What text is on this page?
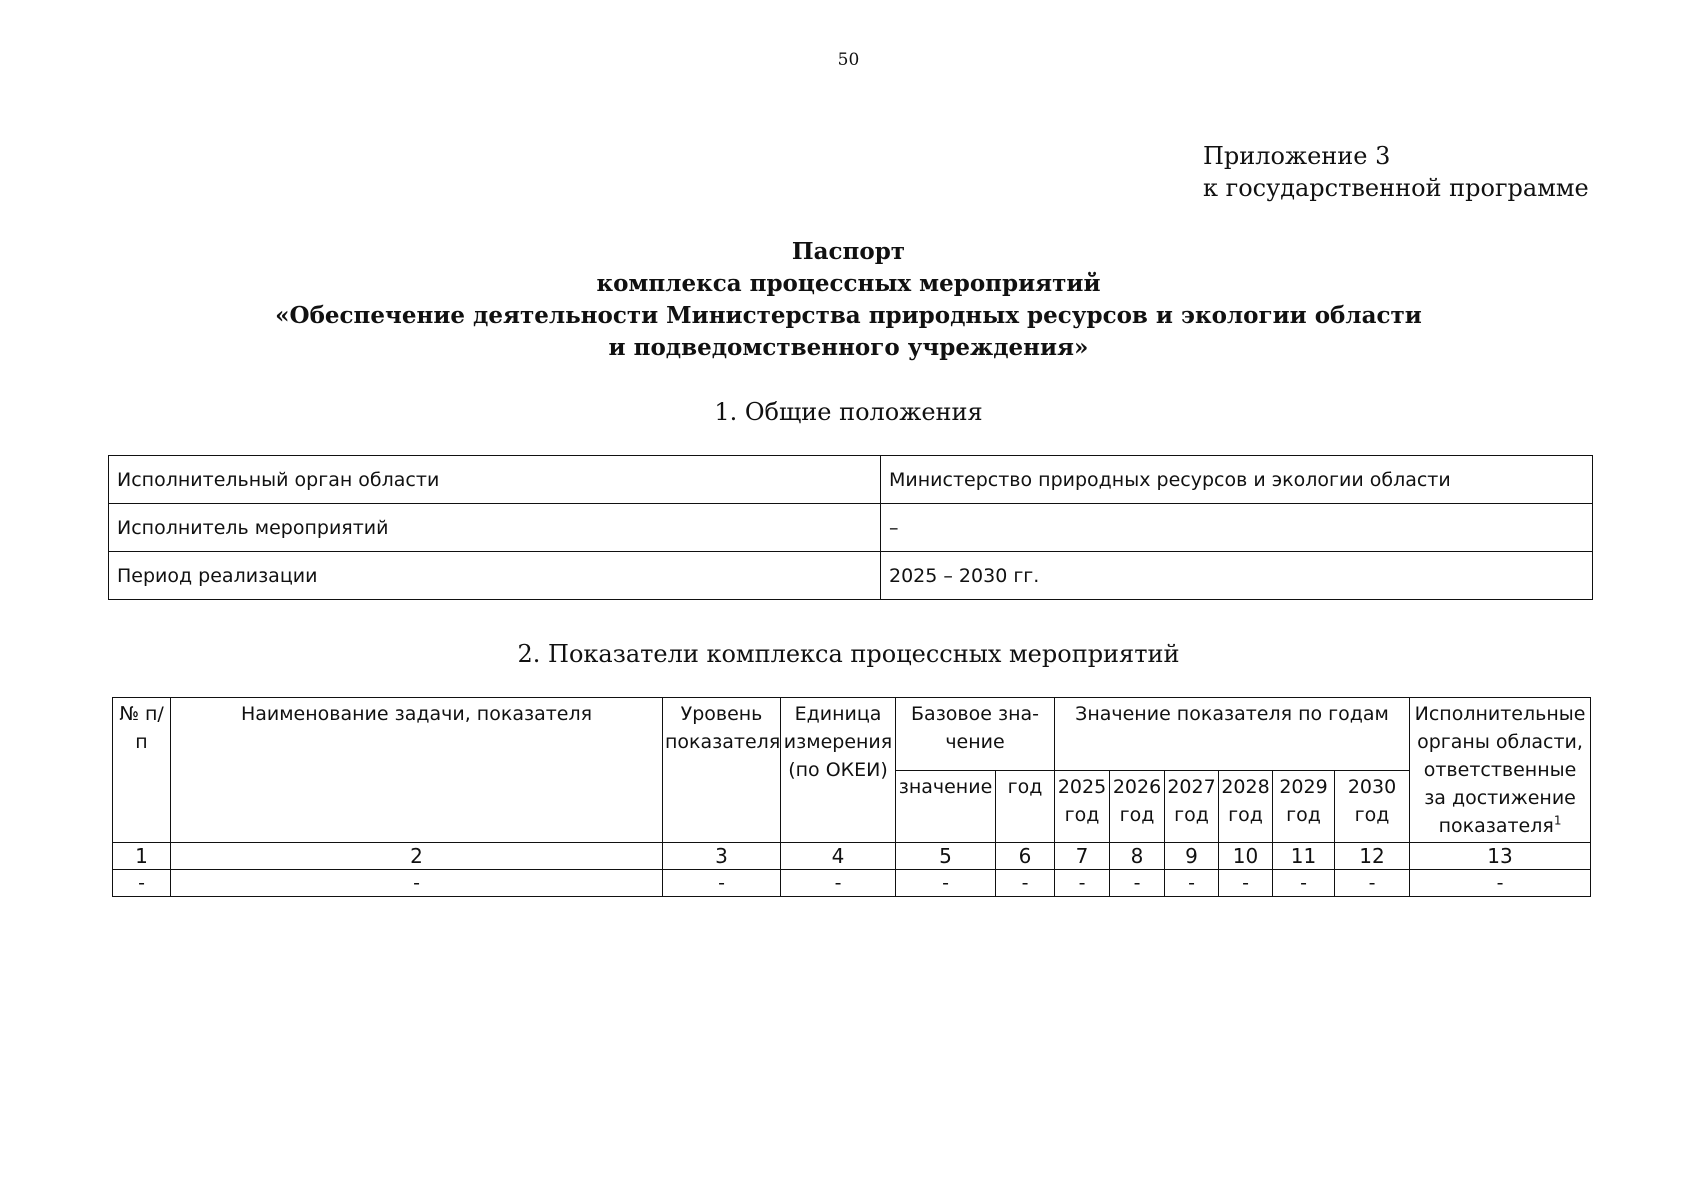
50
Приложение 3
к государственной программе
Паспорт
комплекса процессных мероприятий
«Обеспечение деятельности Министерства природных ресурсов и экологии области
и подведомственного учреждения»
1. Общие положения
Исполнительный орган области	Министерство природных ресурсов и экологии области
Исполнитель мероприятий	–
Период реализации	2025 – 2030 гг.
2. Показатели комплекса процессных мероприятий
№ п/п	Наименование задачи, показателя	Уровень показателя	Единица измерения (по ОКЕИ)	Базовое зна-чение		Значение показателя по годам						Исполнительные органы области, ответственные за достижение показателя$^1$
				значение	год	2025 год	2026 год	2027 год	2028 год	2029 год	2030 год	
1	2	3	4	5	6	7	8	9	10	11	12	13
-	-	-	-	-	-	-	-	-	-	-	-	-
